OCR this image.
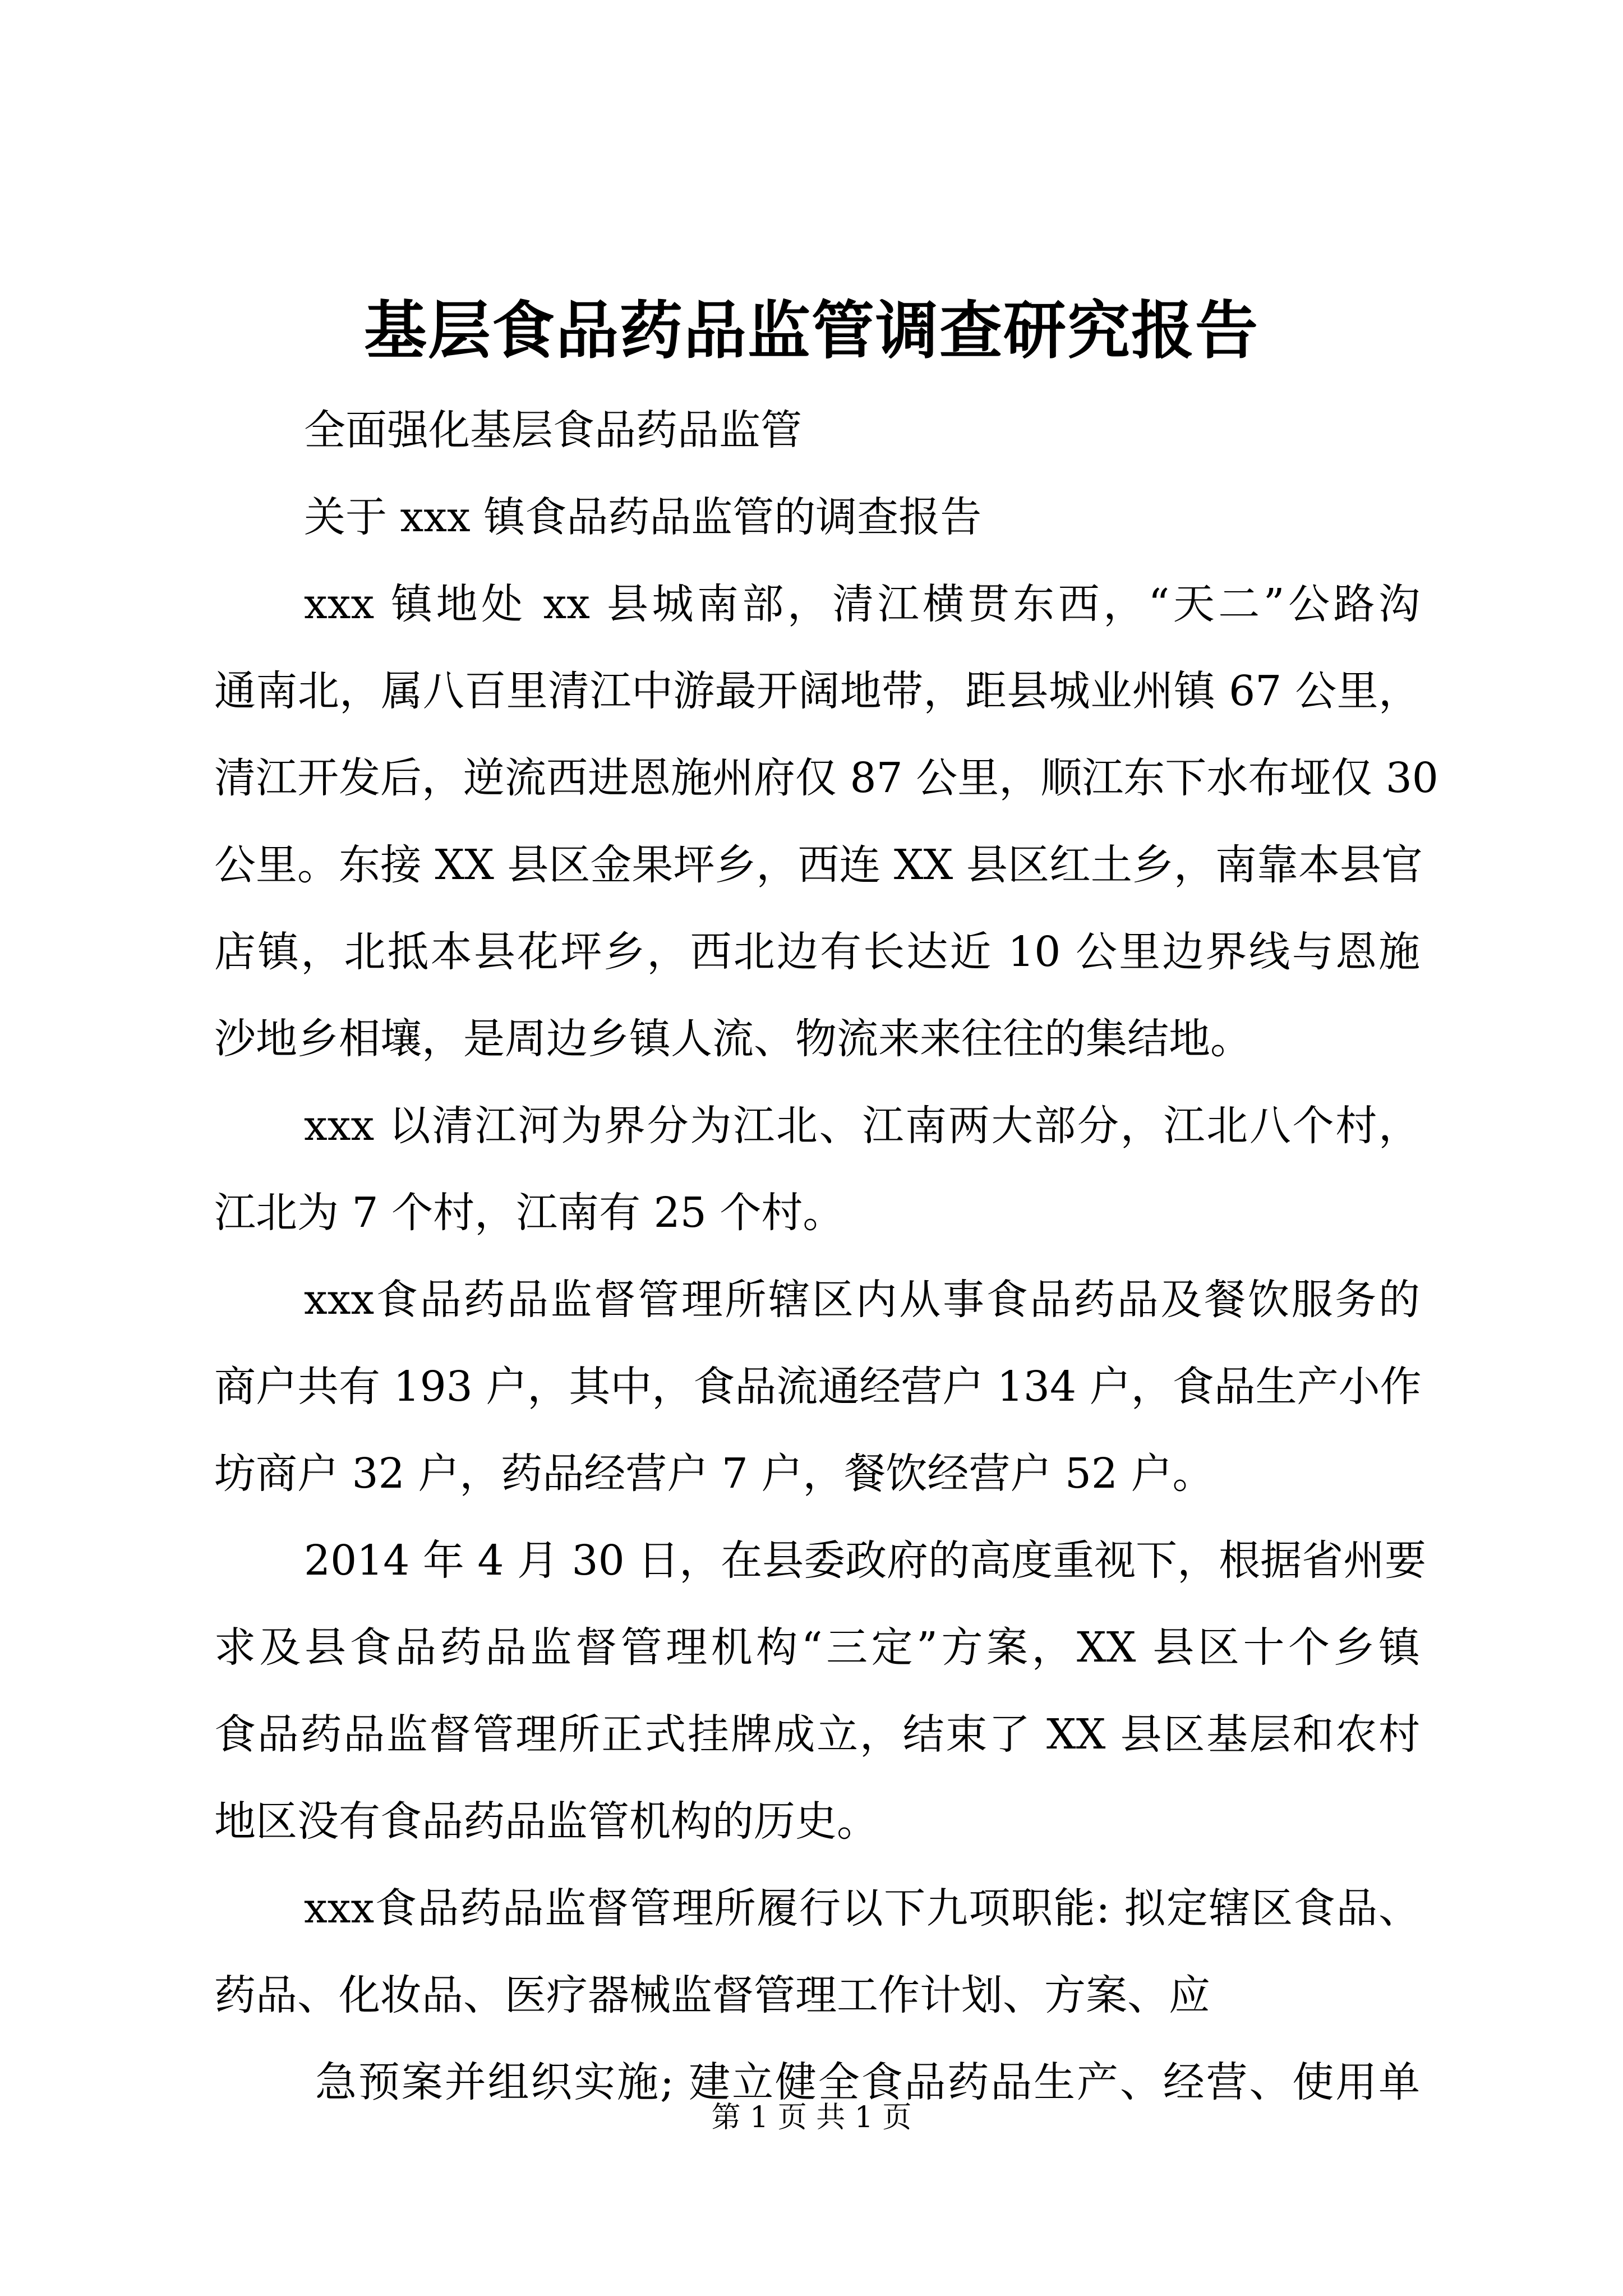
基层食品药品监管调查研究报告
全面强化基层食品药品监管
关于 xxx 镇食品药品监管的调查报告
xxx 镇地处 xx 县城南部，清江横贯东西，“天二”公路沟
通南北，属八百里清江中游最开阔地带，距县城业州镇 67 公里，
清江开发后，逆流西进恩施州府仅 87 公里，顺江东下水布垭仅 30
公里。东接 XX 县区金果坪乡，西连 XX 县区红土乡，南靠本县官
店镇，北抵本县花坪乡，西北边有长达近 10 公里边界线与恩施
沙地乡相壤，是周边乡镇人流、物流来来往往的集结地。
xxx 以清江河为界分为江北、江南两大部分，江北八个村，
江北为 7 个村，江南有 25 个村。
xxx食品药品监督管理所辖区内从事食品药品及餐饮服务的
商户共有 193 户，其中，食品流通经营户 134 户，食品生产小作
坊商户 32 户，药品经营户 7 户，餐饮经营户 52 户。
2014 年 4 月 30 日，在县委政府的高度重视下，根据省州要
求及县食品药品监督管理机构“三定”方案，XX 县区十个乡镇
食品药品监督管理所正式挂牌成立，结束了 XX 县区基层和农村
地区没有食品药品监管机构的历史。
xxx食品药品监督管理所履行以下九项职能: 拟定辖区食品、
药品、化妆品、医疗器械监督管理工作计划、方案、应
急预案并组织实施; 建立健全食品药品生产、经营、使用单
第 1 页 共 1 页
